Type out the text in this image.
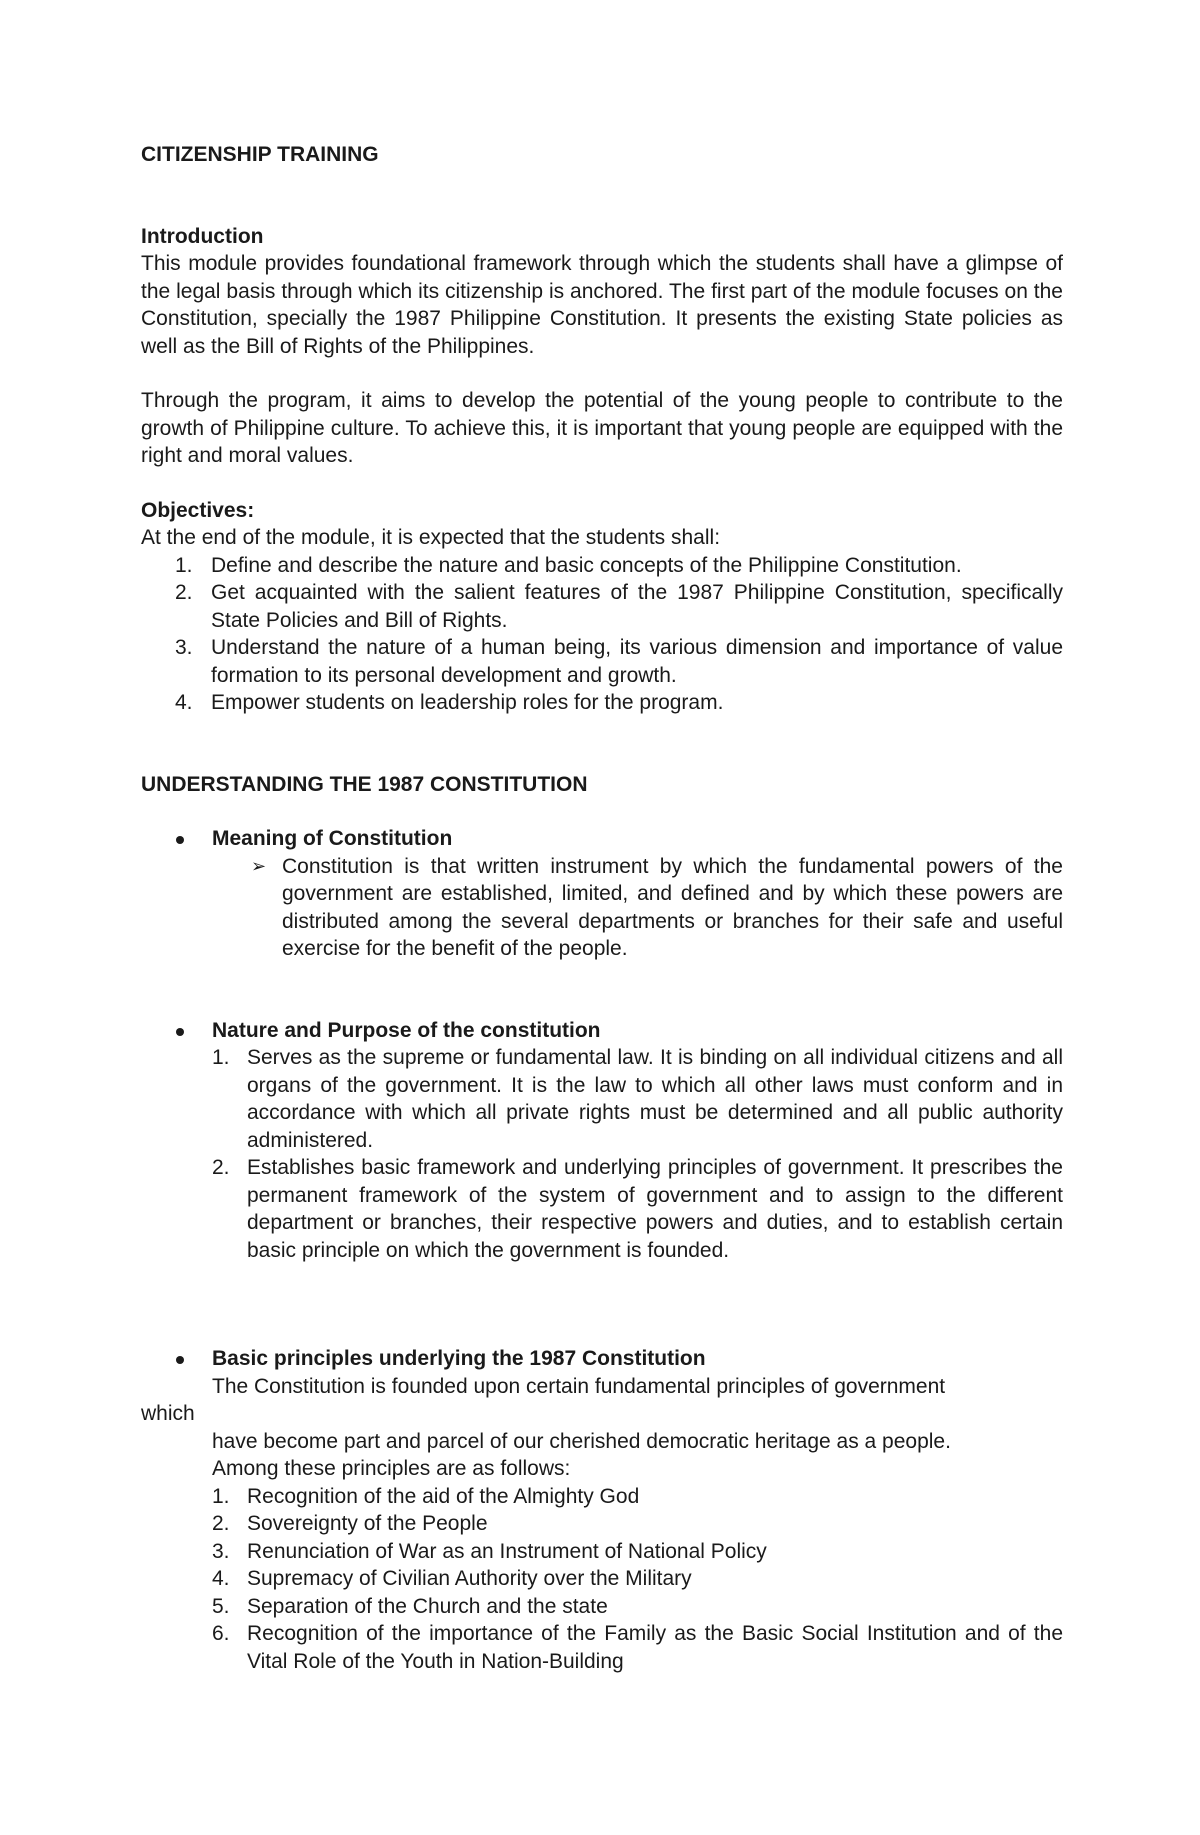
CITIZENSHIP TRAINING

Introduction

This module provides foundational framework through which the students shall have a glimpse of the legal basis through which its citizenship is anchored. The first part of the module focuses on the Constitution, specially the 1987 Philippine Constitution. It presents the existing State policies as well as the Bill of Rights of the Philippines.

Through the program, it aims to develop the potential of the young people to contribute to the growth of Philippine culture. To achieve this, it is important that young people are equipped with the right and moral values.

Objectives:

At the end of the module, it is expected that the students shall:

1. Define and describe the nature and basic concepts of the Philippine Constitution.
2. Get acquainted with the salient features of the 1987 Philippine Constitution, specifically State Policies and Bill of Rights.
3. Understand the nature of a human being, its various dimension and importance of value formation to its personal development and growth.
4. Empower students on leadership roles for the program.

UNDERSTANDING THE 1987 CONSTITUTION

Meaning of Constitution
➢ Constitution is that written instrument by which the fundamental powers of the government are established, limited, and defined and by which these powers are distributed among the several departments or branches for their safe and useful exercise for the benefit of the people.
Nature and Purpose of the constitution
1. Serves as the supreme or fundamental law. It is binding on all individual citizens and all organs of the government. It is the law to which all other laws must conform and in accordance with which all private rights must be determined and all public authority administered.
2. Establishes basic framework and underlying principles of government. It prescribes the permanent framework of the system of government and to assign to the different department or branches, their respective powers and duties, and to establish certain basic principle on which the government is founded.
Basic principles underlying the 1987 Constitution

The Constitution is founded upon certain fundamental principles of government

which

have become part and parcel of our cherished democratic heritage as a people.

Among these principles are as follows:

1. Recognition of the aid of the Almighty God
2. Sovereignty of the People
3. Renunciation of War as an Instrument of National Policy
4. Supremacy of Civilian Authority over the Military
5. Separation of the Church and the state
6. Recognition of the importance of the Family as the Basic Social Institution and of the Vital Role of the Youth in Nation-Building
